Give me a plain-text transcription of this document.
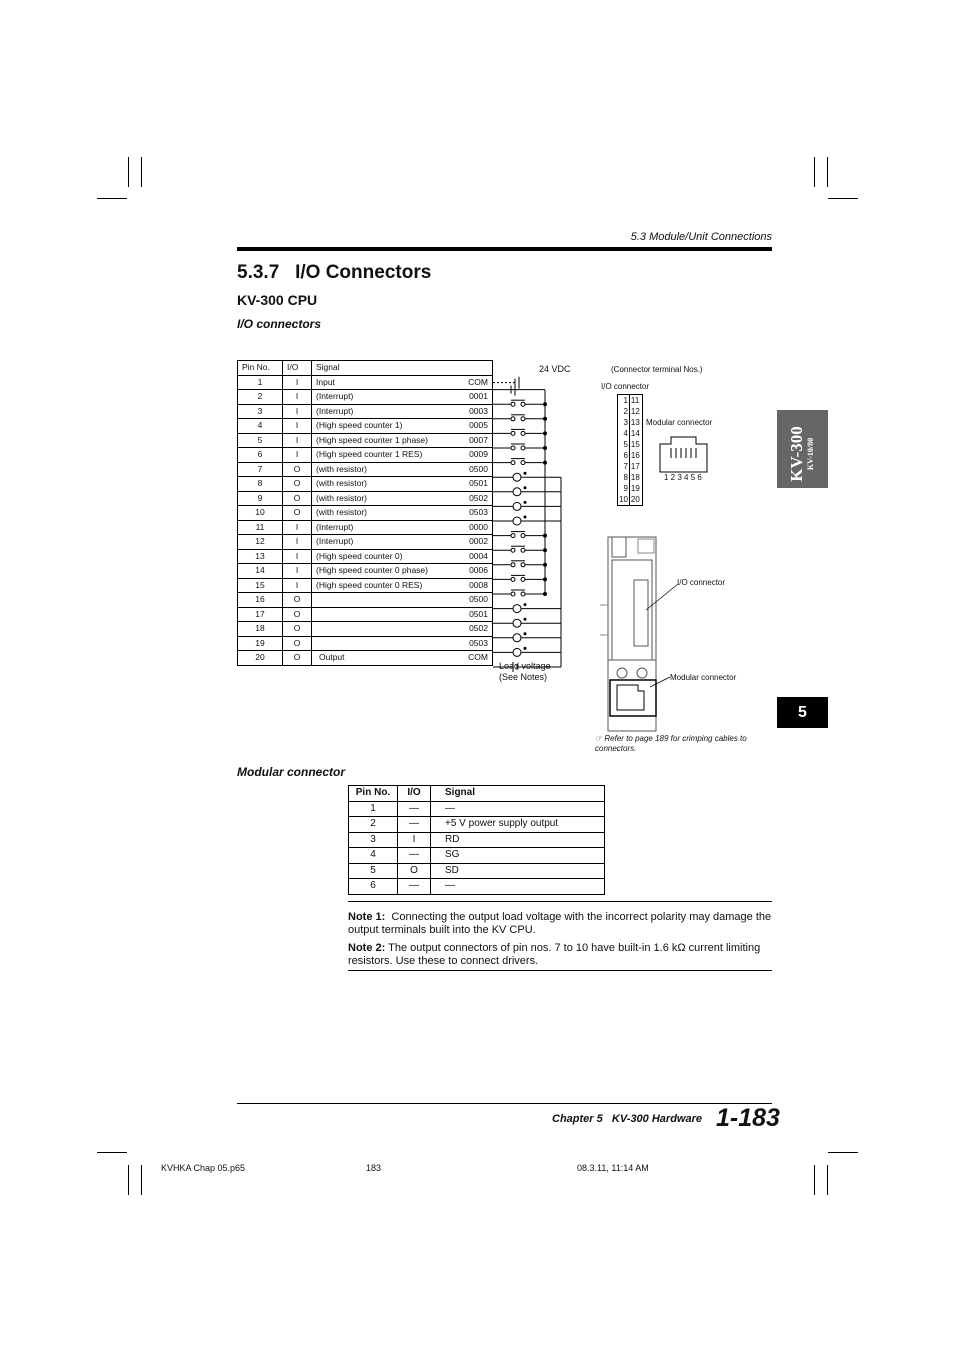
5.3 Module/Unit Connections
5.3.7   I/O Connectors
KV-300 CPU
I/O connectors
Pin No.	I/O	Signal	
1	I	Input	COM
2	I	(Interrupt)	0001
3	I	(Interrupt)	0003
4	I	(High speed counter 1)	0005
5	I	(High speed counter 1 phase)	0007
6	I	(High speed counter 1 RES)	0009
7	O	(with resistor)	0500
8	O	(with resistor)	0501
9	O	(with resistor)	0502
10	O	(with resistor)	0503
11	I	(Interrupt)	0000
12	I	(Interrupt)	0002
13	I	(High speed counter 0)	0004
14	I	(High speed counter 0 phase)	0006
15	I	(High speed counter 0 RES)	0008
16	O		0500
17	O		0501
18	O		0502
19	O		0503
20	O	Output	COM
24 VDC
Load voltage
(See Notes)
(Connector terminal Nos.)
I/O connector
1	11
2	12
3	13
4	14
5	15
6	16
7	17
8	18
9	19
10	20
Modular connector
1 2 3 4 5 6
I/O connector
Modular connector
☞ Refer to page 189 for crimping cables to connectors.
Modular connector
Pin No.	I/O	Signal
1	—	—
2	—	+5 V power supply output
3	I	RD
4	—	SG
5	O	SD
6	—	—
Note 1: Connecting the output load voltage with the incorrect polarity may damage the output terminals built into the KV CPU.
Note 2: The output connectors of pin nos. 7 to 10 have built-in 1.6 kΩ current limiting resistors. Use these to connect drivers.
KV-300 KV-10/80
5
Chapter 5   KV-300 Hardware 1-183
KVHKA Chap 05.p65	183	08.3.11, 11:14 AM
